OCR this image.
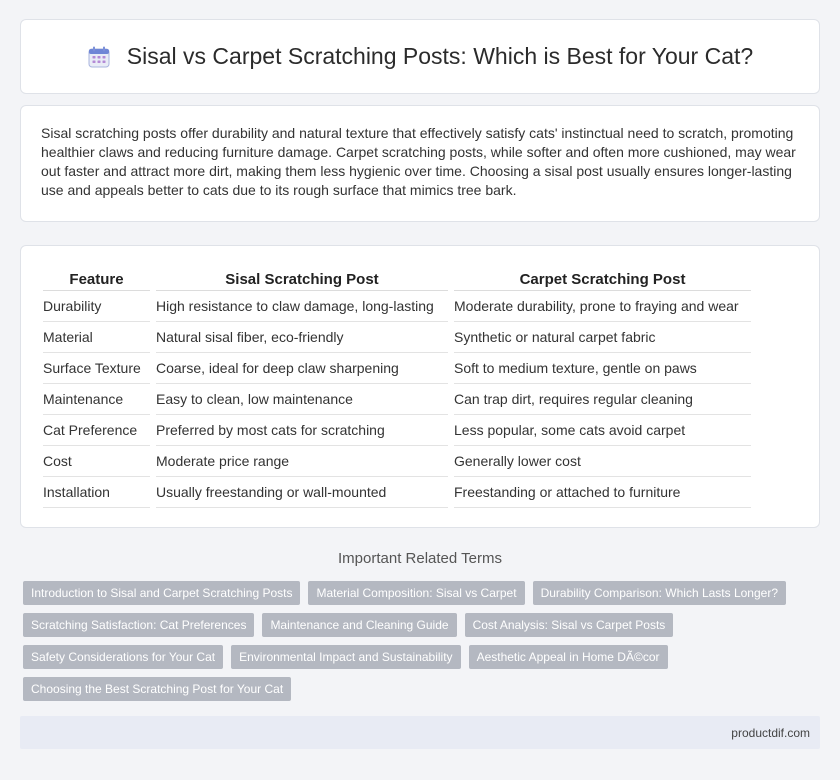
Sisal vs Carpet Scratching Posts: Which is Best for Your Cat?

Sisal scratching posts offer durability and natural texture that effectively satisfy cats' instinctual need to scratch, promoting healthier claws and reducing furniture damage. Carpet scratching posts, while softer and often more cushioned, may wear out faster and attract more dirt, making them less hygienic over time. Choosing a sisal post usually ensures longer-lasting use and appeals better to cats due to its rough surface that mimics tree bark.

Feature	Sisal Scratching Post	Carpet Scratching Post
Durability	High resistance to claw damage, long-lasting	Moderate durability, prone to fraying and wear
Material	Natural sisal fiber, eco-friendly	Synthetic or natural carpet fabric
Surface Texture	Coarse, ideal for deep claw sharpening	Soft to medium texture, gentle on paws
Maintenance	Easy to clean, low maintenance	Can trap dirt, requires regular cleaning
Cat Preference	Preferred by most cats for scratching	Less popular, some cats avoid carpet
Cost	Moderate price range	Generally lower cost
Installation	Usually freestanding or wall-mounted	Freestanding or attached to furniture
Important Related Terms
Introduction to Sisal and Carpet Scratching Posts	Material Composition: Sisal vs Carpet	Durability Comparison: Which Lasts Longer?
Scratching Satisfaction: Cat Preferences	Maintenance and Cleaning Guide	Cost Analysis: Sisal vs Carpet Posts
Safety Considerations for Your Cat	Environmental Impact and Sustainability	Aesthetic Appeal in Home DÃ©cor
Choosing the Best Scratching Post for Your Cat
productdif.com
